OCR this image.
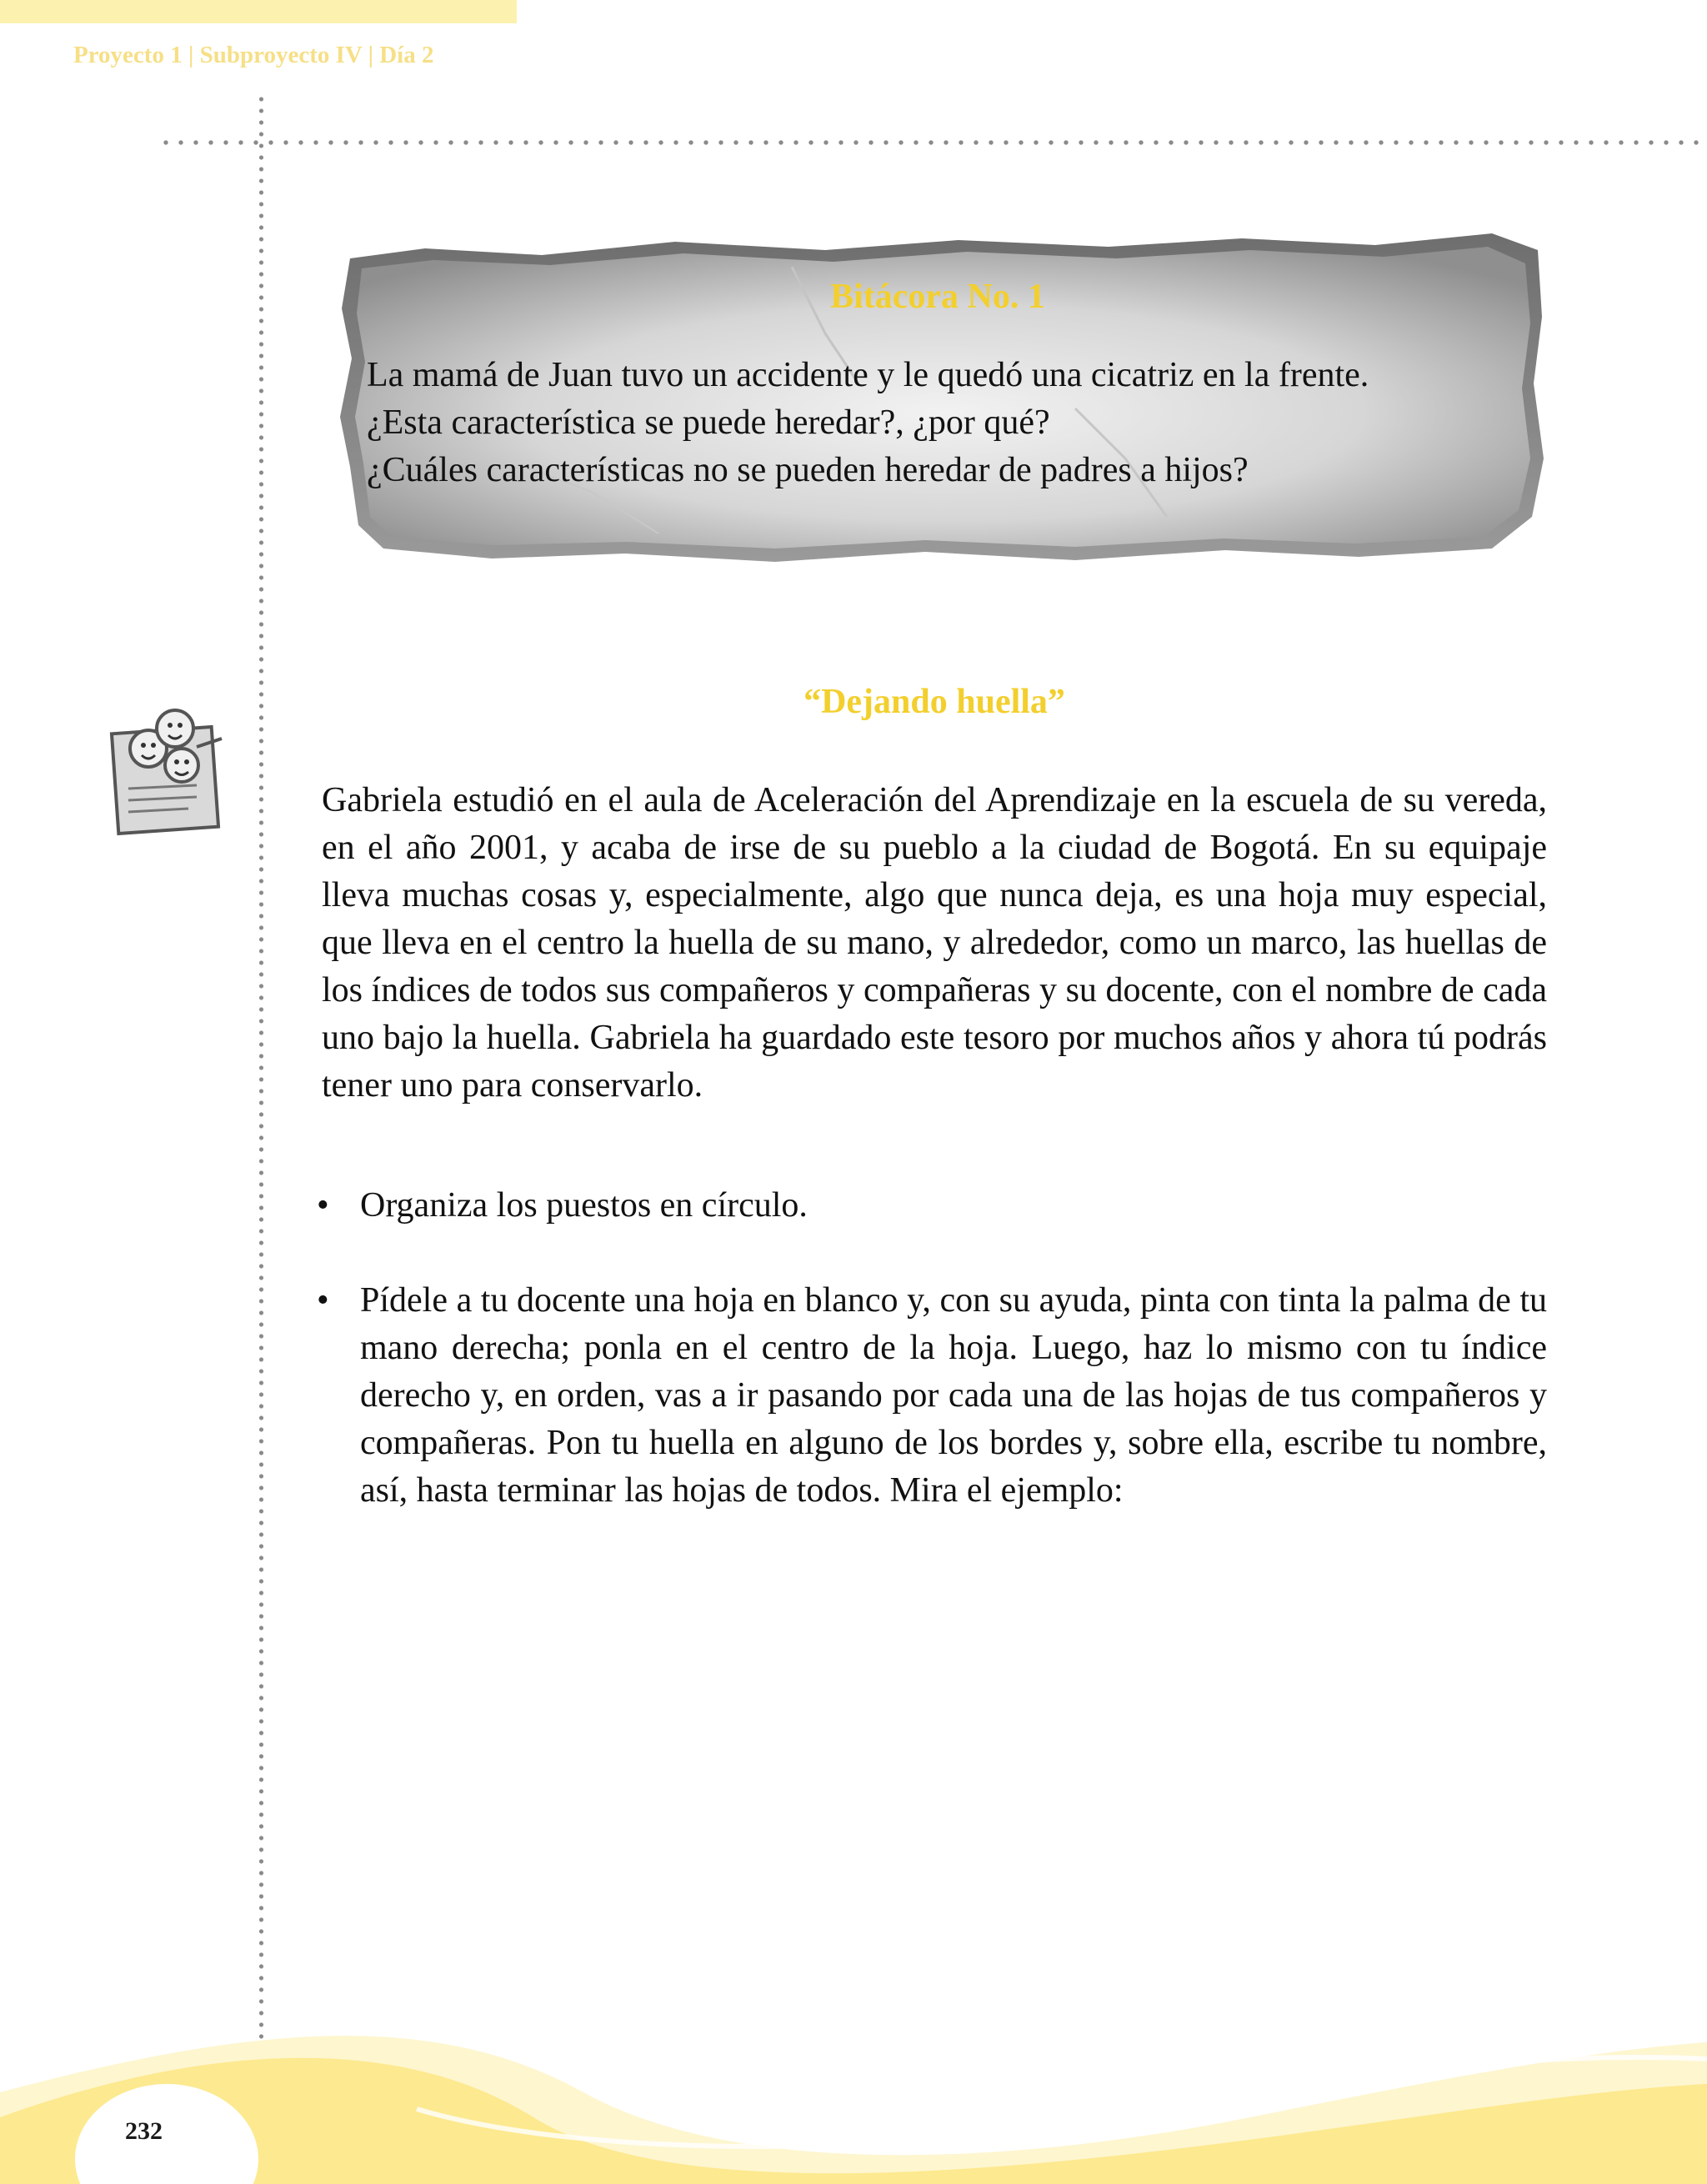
Proyecto 1 | Subproyecto IV | Día 2
Bitácora No. 1
La mamá de Juan tuvo un accidente y le quedó una cicatriz en la frente.
¿Esta característica se puede heredar?, ¿por qué?
¿Cuáles características no se pueden heredar de padres a hijos?
“Dejando huella”
Gabriela estudió en el aula de Aceleración del Aprendizaje en la escuela de su vereda, en el año 2001, y acaba de irse de su pueblo a la ciudad de Bogotá. En su equipaje lleva muchas cosas y, especialmente, algo que nunca deja, es una hoja muy especial, que lleva en el centro la huella de su mano, y alrededor, como un marco, las huellas de los índices de todos sus compañeros y compañeras y su docente, con el nombre de cada uno bajo la huella. Gabriela ha guardado este tesoro por muchos años y ahora tú podrás tener uno para conservarlo.
• Organiza los puestos en círculo.
• Pídele a tu docente una hoja en blanco y, con su ayuda, pinta con tinta la palma de tu mano derecha; ponla en el centro de la hoja. Luego, haz lo mismo con tu índice derecho y, en orden, vas a ir pasando por cada una de las hojas de tus compañeros y compañeras. Pon tu huella en alguno de los bordes y, sobre ella, escribe tu nombre, así, hasta terminar las hojas de todos. Mira el ejemplo:
232
